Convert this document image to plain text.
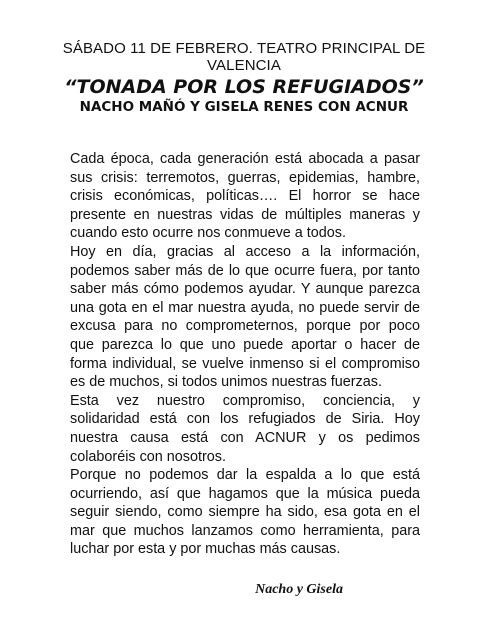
SÁBADO 11 DE FEBRERO. TEATRO PRINCIPAL DE VALENCIA
“TONADA POR LOS REFUGIADOS”
NACHO MAÑÓ Y GISELA RENES CON ACNUR

Cada época, cada generación está abocada a pasar sus crisis: terremotos, guerras, epidemias, hambre, crisis económicas, políticas…. El horror se hace presente en nuestras vidas de múltiples maneras y cuando esto ocurre nos conmueve a todos.

Hoy en día, gracias al acceso a la información, podemos saber más de lo que ocurre fuera, por tanto saber más cómo podemos ayudar. Y aunque parezca una gota en el mar nuestra ayuda, no puede servir de excusa para no comprometernos, porque por poco que parezca lo que uno puede aportar o hacer de forma individual, se vuelve inmenso si el compromiso es de muchos, si todos unimos nuestras fuerzas.

Esta vez nuestro compromiso, conciencia, y solidaridad está con los refugiados de Siria. Hoy nuestra causa está con ACNUR y os pedimos colaboréis con nosotros.

Porque no podemos dar la espalda a lo que está ocurriendo, así que hagamos que la música pueda seguir siendo, como siempre ha sido, esa gota en el mar que muchos lanzamos como herramienta, para luchar por esta y por muchas más causas.

Nacho y Gisela
